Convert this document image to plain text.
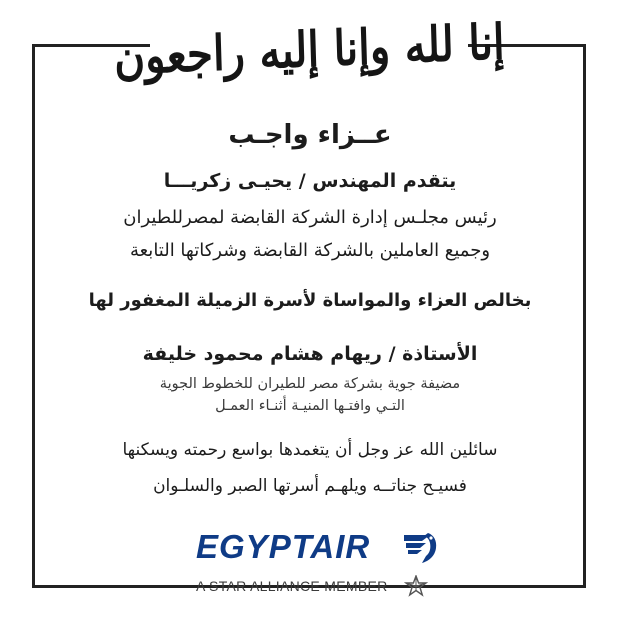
إنا لله وإنا إليه راجعون
عــزاء واجـب
يتقدم المهندس / يحيـى زكريـــا
رئيس مجلـس إدارة الشركة القابضة لمصرللطيران
وجميع العاملين بالشركة القابضة وشركاتها التابعة
بخالص العزاء والمواساة لأسرة الزميلة المغفور لها
الأستاذة / ريهام هشام محمود خليفة
مضيفة جوية بشركة مصر للطيران للخطوط الجوية
التـي وافتـها المنيـة أثنـاء العمـل
سائلين الله عز وجل أن يتغمدها بواسع رحمته ويسكنها
فسيـح جناتــه ويلهـم أسرتها الصبر والسلـوان
EGYPTAIR
A STAR ALLIANCE MEMBER
